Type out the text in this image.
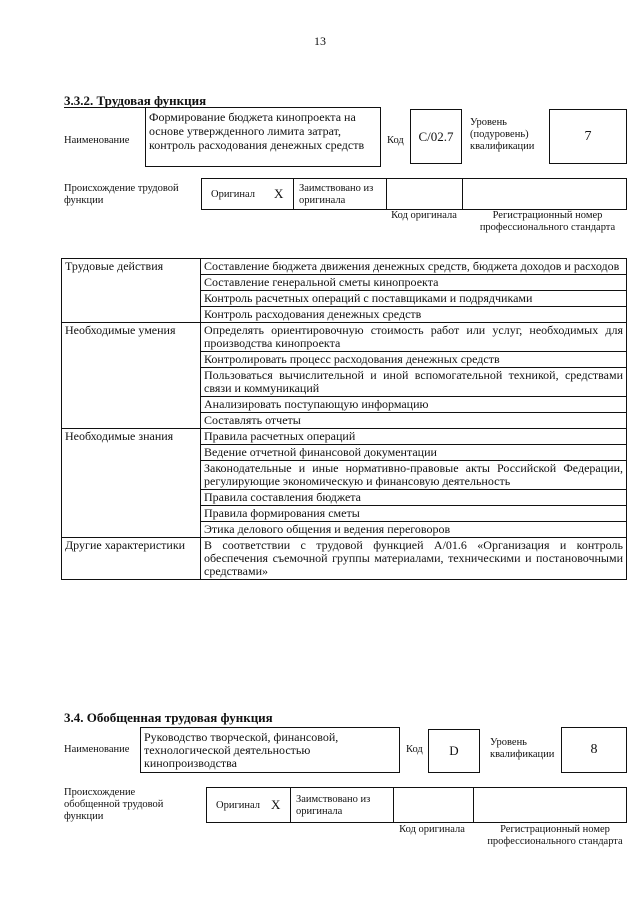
13
3.3.2. Трудовая функция
Наименование
Формирование бюджета кинопроекта на основе утвержденного лимита затрат, контроль расходования денежных средств	Код	C/02.7
Уровень (подуровень) квалификации
7
Происхождение трудовой функции
Оригинал X Заимствовано из оригинала
Код оригинала	Регистрационный номер профессионального стандарта
Трудовые действия	Составление бюджета движения денежных средств, бюджета доходов и расходов
	Составление генеральной сметы кинопроекта
	Контроль расчетных операций с поставщиками и подрядчиками
	Контроль расходования денежных средств
Необходимые умения	Определять ориентировочную стоимость работ или услуг, необходимых для производства кинопроекта
	Контролировать процесс расходования денежных средств
	Пользоваться вычислительной и иной вспомогательной техникой, средствами связи и коммуникаций
	Анализировать поступающую информацию
	Составлять отчеты
Необходимые знания	Правила расчетных операций
	Ведение отчетной финансовой документации
	Законодательные и иные нормативно-правовые акты Российской Федерации, регулирующие экономическую и финансовую деятельность
	Правила составления бюджета
	Правила формирования сметы
	Этика делового общения и ведения переговоров
Другие характеристики	В соответствии с трудовой функцией А/01.6 «Организация и контроль обеспечения съемочной группы материалами, техническими и постановочными средствами»
3.4. Обобщенная трудовая функция
Наименование
Руководство творческой, финансовой, технологической деятельностью кинопроизводства
Код	D
Уровень квалификации	8
Происхождение обобщенной трудовой функции
Оригинал X Заимствовано из оригинала
Код оригинала	Регистрационный номер профессионального стандарта
